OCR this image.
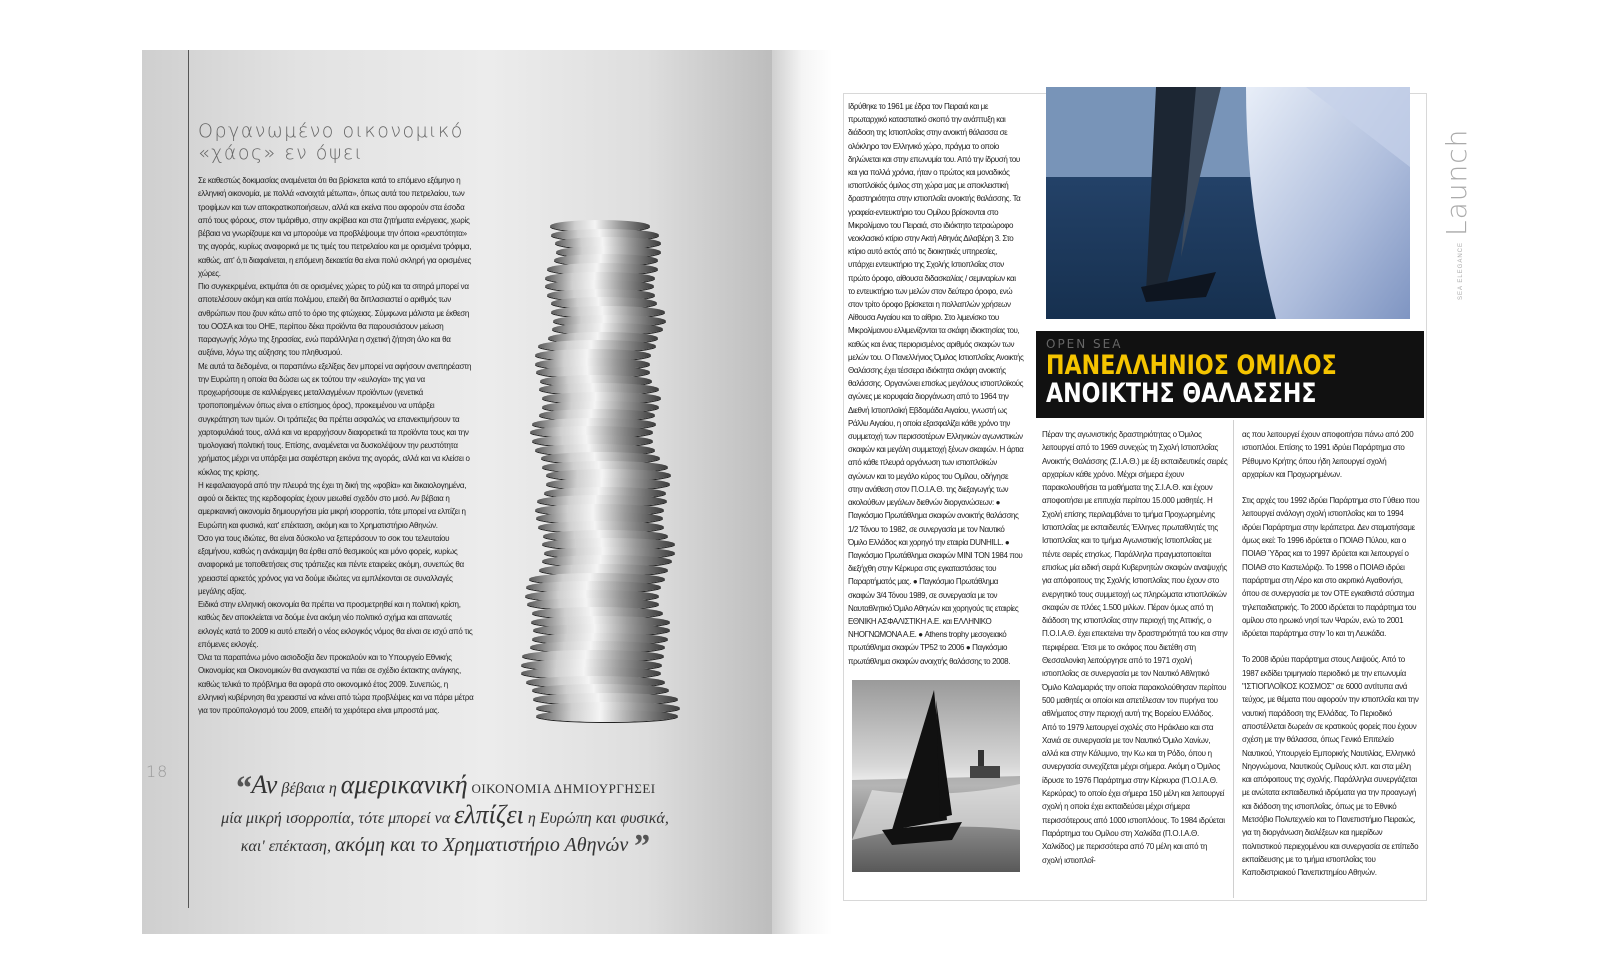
Οργανωμένο οικονομικό
«χάος» εν όψει

Σε καθεστώς δοκιμασίας αναμένεται ότι θα βρίσκεται κατά το επόμενο εξάμηνο η ελληνική οικονομία, με πολλά «ανοιχτά μέτωπα», όπως αυτά του πετρελαίου, των τροφίμων και των αποκρατικοποιήσεων, αλλά και εκείνα που αφορούν στα έσοδα από τους φόρους, στον τιμάριθμο, στην ακρίβεια και στα ζητήματα ενέργειας, χωρίς βέβαια να γνωρίζουμε και να μπορούμε να προβλέψουμε την όποια «ρευστότητα» της αγοράς, κυρίως αναφορικά με τις τιμές του πετρελαίου και με ορισμένα τρόφιμα, καθώς, απ' ό,τι διαφαίνεται, η επόμενη δεκαετία θα είναι πολύ σκληρή για ορισμένες χώρες.

Πιο συγκεκριμένα, εκτιμάται ότι σε ορισμένες χώρες το ρύζι και τα σιτηρά μπορεί να αποτελέσουν ακόμη και αιτία πολέμου, επειδή θα διπλασιαστεί ο αριθμός των ανθρώπων που ζουν κάτω από το όριο της φτώχειας. Σύμφωνα μάλιστα με έκθεση του ΟΟΣΑ και του ΟΗΕ, περίπου δέκα προϊόντα θα παρουσιάσουν μείωση παραγωγής λόγω της ξηρασίας, ενώ παράλληλα η σχετική ζήτηση όλο και θα αυξάνει, λόγω της αύξησης του πληθυσμού.

Με αυτά τα δεδομένα, οι παραπάνω εξελίξεις δεν μπορεί να αφήσουν ανεπηρέαστη την Ευρώπη η οποία θα δώσει ως εκ τούτου την «ευλογία» της για να προχωρήσουμε σε καλλιέργειες μεταλλαγμένων προϊόντων (γενετικά τροποποιημένων όπως είναι ο επίσημος όρος), προκειμένου να υπάρξει συγκράτηση των τιμών. Οι τράπεζες θα πρέπει ασφαλώς να επανεκτιμήσουν τα χαρτοφυλάκιά τους, αλλά και να ιεραρχήσουν διαφορετικά τα προϊόντα τους και την τιμολογιακή πολιτική τους. Επίσης, αναμένεται να δυσκολέψουν την ρευστότητα χρήματος μέχρι να υπάρξει μια σαφέστερη εικόνα της αγοράς, αλλά και να κλείσει ο κύκλος της κρίσης.

Η κεφαλαιαγορά από την πλευρά της έχει τη δική της «φοβία» και δικαιολογημένα, αφού οι δείκτες της κερδοφορίας έχουν μειωθεί σχεδόν στο μισό. Αν βέβαια η αμερικανική οικονομία δημιουργήσει μία μικρή ισορροπία, τότε μπορεί να ελπίζει η Ευρώπη και φυσικά, κατ' επέκταση, ακόμη και το Χρηματιστήριο Αθηνών.

Όσο για τους ιδιώτες, θα είναι δύσκολο να ξεπεράσουν το σοκ του τελευταίου εξαμήνου, καθώς η ανάκαμψη θα έρθει από θεσμικούς και μόνο φορείς, κυρίως αναφορικά με τοποθετήσεις στις τράπεζες και πέντε εταιρείες ακόμη, συνεπώς θα χρειαστεί αρκετός χρόνος για να δούμε ιδιώτες να εμπλέκονται σε συναλλαγές μεγάλης αξίας.

Ειδικά στην ελληνική οικονομία θα πρέπει να προσμετρηθεί και η πολιτική κρίση, καθώς δεν αποκλείεται να δούμε ένα ακόμη νέο πολιτικό σχήμα και απανωτές εκλογές κατά το 2009 κι αυτό επειδή ο νέος εκλογικός νόμος θα είναι σε ισχύ από τις επόμενες εκλογές.

Όλα τα παραπάνω μόνο αισιοδοξία δεν προκαλούν και το Υπουργείο Εθνικής Οικονομίας και Οικονομικών θα αναγκαστεί να πάει σε σχέδιο έκτακτης ανάγκης, καθώς τελικά το πρόβλημα θα αφορά στο οικονομικό έτος 2009. Συνεπώς, η ελληνική κυβέρνηση θα χρειαστεί να κάνει από τώρα προβλέψεις και να πάρει μέτρα για τον προϋπολογισμό του 2009, επειδή τα χειρότερα είναι μπροστά μας.

18	“Αν βέβαια η αμερικανική ΟΙΚΟΝΟΜΙΑ ΔΗΜΙΟΥΡΓΗΣΕΙ
μία μικρή ισορροπία, τότε μπορεί να ελπίζει η Ευρώπη και φυσικά,
και' επέκταση, ακόμη και το Χρηματιστήριο Αθηνών ”

Ιδρύθηκε το 1961 με έδρα τον Πειραιά και με πρωταρχικό καταστατικό σκοπό την ανάπτυξη και διάδοση της Ιστιοπλοΐας στην ανοικτή θάλασσα σε ολόκληρο τον Ελληνικό χώρο, πράγμα το οποίο δηλώνεται και στην επωνυμία του. Από την ίδρυσή του και για πολλά χρόνια, ήταν ο πρώτος και μοναδικός ιστιοπλοϊκός όμιλος στη χώρα μας με αποκλειστική δραστηριότητα στην ιστιοπλοΐα ανοικτής θαλάσσης. Τα γραφεία-εντευκτήριο του Ομίλου βρίσκονται στο Μικρολίμανο του Πειραιά, στο ιδιόκτητο τετραώροφο νεοκλασικό κτίριο στην Ακτή Αθηνάς Διλαβέρη 3. Στο κτίριο αυτό εκτός από τις διοικητικές υπηρεσίες, υπάρχει εντευκτήριο της Σχολής Ιστιοπλοΐας στον πρώτο όροφο, αίθουσα διδασκαλίας / σεμιναρίων και το εντευκτήριο των μελών στον δεύτερο όροφο, ενώ στον τρίτο όροφο βρίσκεται η πολλαπλών χρήσεων Αίθουσα Αιγαίου και το αίθριο. Στο λιμενίσκο του Μικρολίμανου ελλιμενίζονται τα σκάφη ιδιοκτησίας του, καθώς και ένας περιορισμένος αριθμός σκαφών των μελών του. Ο Πανελλήνιος Όμιλος Ιστιοπλοΐας Ανοικτής Θαλάσσης έχει τέσσερα ιδιόκτητα σκάφη ανοικτής θαλάσσης. Οργανώνει επισίως μεγάλους ιστιοπλοϊκούς αγώνες με κορυφαία διοργάνωση από το 1964 την Διεθνή Ιστιοπλοϊκή Εβδομάδα Αιγαίου, γνωστή ως Ράλλυ Αιγαίου, η οποία εξασφαλίζει κάθε χρόνο την συμμετοχή των περισσοτέρων Ελληνικών αγωνιστικών σκαφών και μεγάλη συμμετοχή ξένων σκαφών. Η άρτια από κάθε πλευρά οργάνωση των ιστιοπλοϊκών αγώνων και το μεγάλο κύρος του Ομίλου, οδήγησε στην ανάθεση στον Π.Ο.Ι.Α.Θ. της διεξαγωγής των ακολούθων μεγάλων διεθνών διοργανώσεων: ● Παγκόσμιο Πρωτάθλημα σκαφών ανοικτής θαλάσσης 1/2 Τόνου το 1982, σε συνεργασία με τον Ναυτικό Όμιλο Ελλάδος και χορηγό την εταιρία DUNHILL. ● Παγκόσμιο Πρωτάθλημα σκαφών MINI TON 1984 που διεξήχθη στην Κέρκυρα στις εγκαταστάσεις του Παραρτήματός μας. ● Παγκόσμιο Πρωτάθλημα σκαφών 3/4 Τόνου 1989, σε συνεργασία με τον Ναυταθλητικό Όμιλο Αθηνών και χορηγούς τις εταιρίες ΕΘΝΙΚΗ ΑΣΦΑΛΙΣΤΙΚΗ Α.Ε. και ΕΛΛΗΝΙΚΟ ΝΗΟΓΝΩΜΟΝΑ Α.Ε. ● Athens trophy μεσογειακό πρωτάθλημα σκαφών TP52 το 2006 ● Παγκόσμιο πρωτάθλημα σκαφών ανοιχτής θαλάσσης το 2008.

OPEN SEA
ΠΑΝΕΛΛΗΝΙΟΣ ΟΜΙΛΟΣ
ΑΝΟΙΚΤΗΣ ΘΑΛΑΣΣΗΣ

Πέραν της αγωνιστικής δραστηριότητας ο Όμιλος λειτουργεί από το 1969 συνεχώς τη Σχολή Ιστιοπλοΐας Ανοικτής Θαλάσσης (Σ.Ι.Α.Θ.) με έξι εκπαιδευτικές σειρές αρχαρίων κάθε χρόνο. Μέχρι σήμερα έχουν παρακολουθήσει τα μαθήματα της Σ.Ι.Α.Θ. και έχουν αποφοιτήσει με επιτυχία περίπου 15.000 μαθητές. Η Σχολή επίσης περιλαμβάνει το τμήμα Προχωρημένης Ιστιοπλοΐας με εκπαιδευτές Έλληνες πρωταθλητές της Ιστιοπλοΐας και το τμήμα Αγωνιστικής Ιστιοπλοΐας με πέντε σειρές ετησίως. Παράλληλα πραγματοποιείται επισίως μία ειδική σειρά Κυβερνητών σκαφών αναψυχής για απόφοιτους της Σχολής Ιστιοπλοΐας που έχουν στο ενεργητικό τους συμμετοχή ως πληρώματα ιστιοπλοϊκών σκαφών σε πλόες 1.500 μιλίων. Πέραν όμως από τη διάδοση της ιστιοπλοΐας στην περιοχή της Αττικής, ο Π.Ο.Ι.Α.Θ. έχει επεκτείνει την δραστηριότητά του και στην περιφέρεια. Έτσι με το σκάφος που διετέθη στη Θεσσαλονίκη λειτούργησε από το 1971 σχολή ιστιοπλοΐας σε συνεργασία με τον Ναυτικό Αθλητικό Όμιλο Καλαμαριάς την οποία παρακολούθησαν περίπου 500 μαθητές οι οποίοι και απετέλεσαν τον πυρήνα του αθλήματος στην περιοχή αυτή της Βορείου Ελλάδος. Από το 1979 λειτουργεί σχολές στο Ηράκλειο και στα Χανιά σε συνεργασία με τον Ναυτικό Όμιλο Χανίων, αλλά και στην Κάλυμνο, την Κω και τη Ρόδο, όπου η συνεργασία συνεχίζεται μέχρι σήμερα. Ακόμη ο Όμιλος ίδρυσε το 1976 Παράρτημα στην Κέρκυρα (Π.Ο.Ι.Α.Θ. Κερκύρας) το οποίο έχει σήμερα 150 μέλη και λειτουργεί σχολή η οποία έχει εκπαιδεύσει μέχρι σήμερα περισσότερους από 1000 ιστιοπλόους. Το 1984 ιδρύεται Παράρτημα του Ομίλου στη Χαλκίδα (Π.Ο.Ι.Α.Θ. Χαλκίδος) με περισσότερα από 70 μέλη και από τη σχολή ιστιοπλοΐ-

ας που λειτουργεί έχουν αποφοιτήσει πάνω από 200 ιστιοπλόοι. Επίσης το 1991 ιδρύει Παράρτημα στο Ρέθυμνο Κρήτης όπου ήδη λειτουργεί σχολή αρχαρίων και Προχωρημένων.

Στις αρχές του 1992 ιδρύει Παράρτημα στο Γύθειο που λειτουργεί ανάλογη σχολή ιστιοπλοΐας και το 1994 ιδρύει Παράρτημα στην Ιεράπετρα. Δεν σταματήσαμε όμως εκεί: Το 1996 ιδρύεται ο ΠΟΙΑΘ Πύλου, και ο ΠΟΙΑΘ Ύδρας και το 1997 ιδρύεται και λειτουργεί ο ΠΟΙΑΘ στο Καστελόριζο. Το 1998 ο ΠΟΙΑΘ ιδρύει παράρτημα στη Λέρο και στο ακριτικό Αγαθονήσι, όπου σε συνεργασία με τον ΟΤΕ εγκαθιστά σύστημα τηλεπαιδιατρικής. Το 2000 ιδρύεται το παράρτημα του ομίλου στο ηρωικό νησί των Ψαρών, ενώ το 2001 ιδρύεται παράρτημα στην Ίο και τη Λευκάδα.

Το 2008 ιδρύει παράρτημα στους Λειψούς. Από το 1987 εκδίδει τριμηνιαίο περιοδικό με την επωνυμία "ΙΣΤΙΟΠΛΟΪΚΟΣ ΚΟΣΜΟΣ" σε 6000 αντίτυπα ανά τεύχος, με θέματα που αφορούν την ιστιοπλοΐα και την ναυτική παράδοση της Ελλάδας. Το Περιοδικό αποστέλλεται δωρεάν σε κρατικούς φορείς που έχουν σχέση με την θάλασσα, όπως Γενικό Επιτελείο Ναυτικού, Υπουργείο Εμπορικής Ναυτιλίας, Ελληνικό Νηογνώμονα, Ναυτικούς Ομίλους κλπ. και στα μέλη και απόφοιτους της σχολής. Παράλληλα συνεργάζεται με ανώτατα εκπαιδευτικά ιδρύματα για την προαγωγή και διάδοση της ιστιοπλοΐας, όπως με το Εθνικό Μετσόβιο Πολυτεχνείο και το Πανεπιστήμιο Πειραιώς, για τη διοργάνωση διαλέξεων και ημερίδων πολιτιστικού περιεχομένου και συνεργασία σε επίπεδο εκπαίδευσης με το τμήμα ιστιοπλοΐας του Καποδιστριακού Πανεπιστημίου Αθηνών.

$^{SEA ELEGANCE}$Launch
